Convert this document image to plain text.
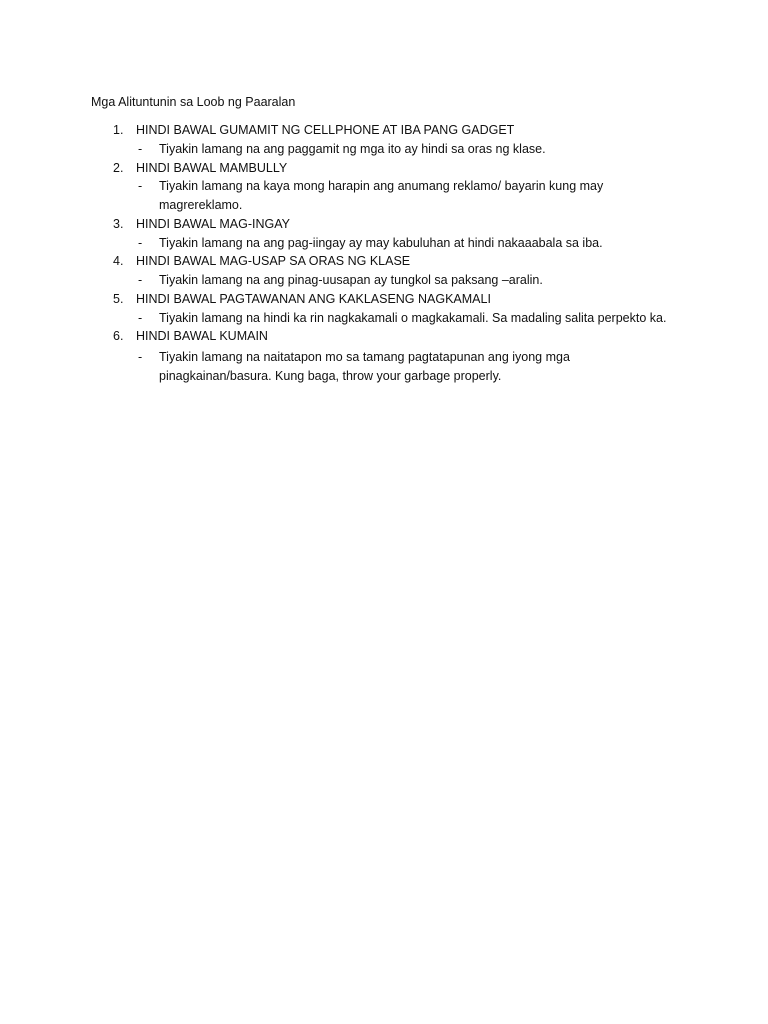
Mga Alituntunin sa Loob ng Paaralan
1. HINDI BAWAL GUMAMIT NG CELLPHONE AT IBA PANG GADGET
- Tiyakin lamang na ang paggamit ng mga ito ay hindi sa oras ng klase.
2. HINDI BAWAL MAMBULLY
- Tiyakin lamang na kaya mong harapin ang anumang reklamo/ bayarin kung may magrereklamo.
3. HINDI BAWAL MAG-INGAY
- Tiyakin lamang na ang pag-iingay ay may kabuluhan at hindi nakaaabala sa iba.
4. HINDI BAWAL MAG-USAP SA ORAS NG KLASE
- Tiyakin lamang na ang pinag-uusapan ay tungkol sa paksang –aralin.
5. HINDI BAWAL PAGTAWANAN ANG KAKLASENG NAGKAMALI
- Tiyakin lamang na hindi ka rin nagkakamali o magkakamali. Sa madaling salita perpekto ka.
6. HINDI BAWAL KUMAIN
- Tiyakin lamang na naitatapon mo sa tamang pagtatapunan ang iyong mga pinagkainan/basura. Kung baga, throw your garbage properly.
